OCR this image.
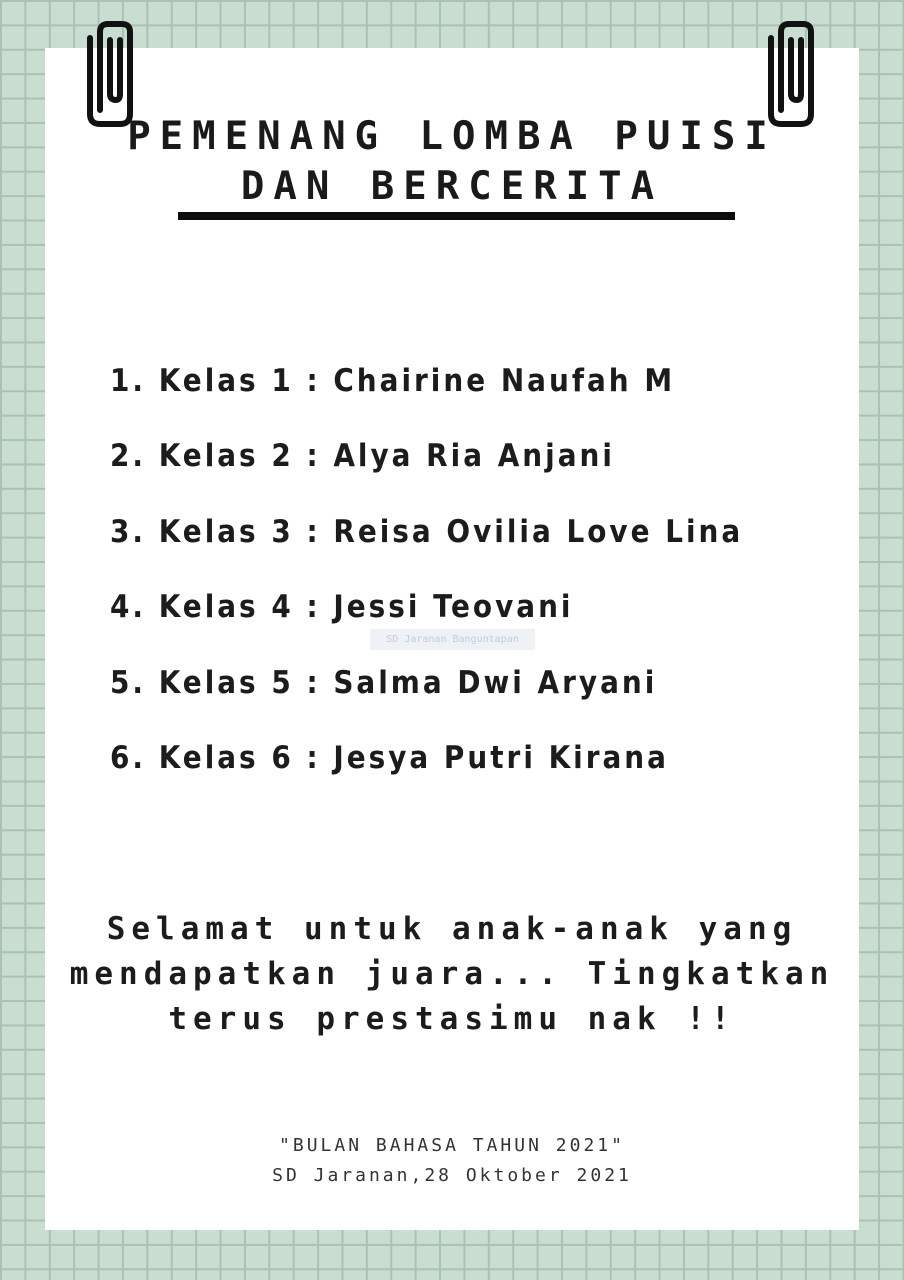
PEMENANG LOMBA PUISI
DAN BERCERITA
1. Kelas 1 : Chairine Naufah M
2. Kelas 2 : Alya Ria Anjani
3. Kelas 3 : Reisa Ovilia Love Lina
4. Kelas 4 : Jessi Teovani
5. Kelas 5 : Salma Dwi Aryani
6. Kelas 6 : Jesya Putri Kirana
SD Jaranan Banguntapan
Selamat untuk anak-anak yang
mendapatkan juara... Tingkatkan
terus prestasimu nak !!
"BULAN BAHASA TAHUN 2021"
SD Jaranan,28 Oktober 2021
